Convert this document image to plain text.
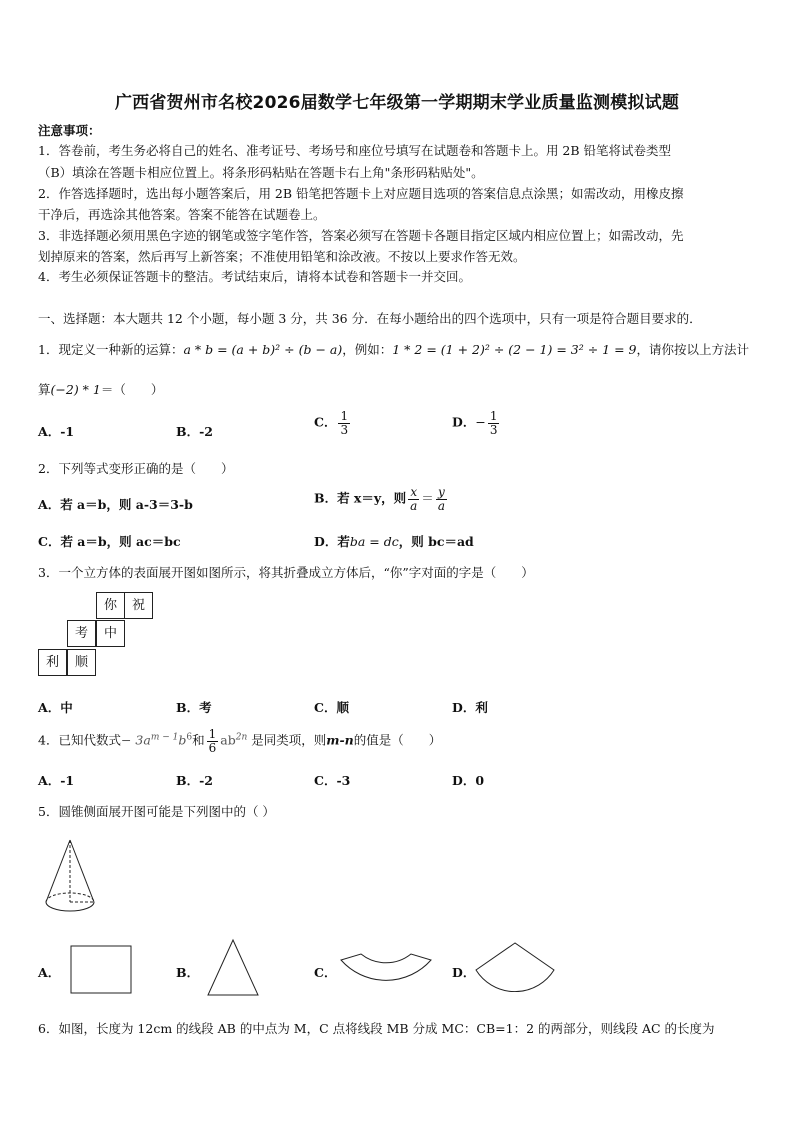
广西省贺州市名校2026届数学七年级第一学期期末学业质量监测模拟试题
注意事项：
1．答卷前，考生务必将自己的姓名、准考证号、考场号和座位号填写在试题卷和答题卡上。用 2B 铅笔将试卷类型
（B）填涂在答题卡相应位置上。将条形码粘贴在答题卡右上角"条形码粘贴处"。
2．作答选择题时，选出每小题答案后，用 2B 铅笔把答题卡上对应题目选项的答案信息点涂黑；如需改动，用橡皮擦
干净后，再选涂其他答案。答案不能答在试题卷上。
3．非选择题必须用黑色字迹的钢笔或签字笔作答，答案必须写在答题卡各题目指定区域内相应位置上；如需改动，先
划掉原来的答案，然后再写上新答案；不准使用铅笔和涂改液。不按以上要求作答无效。
4．考生必须保证答题卡的整洁。考试结束后，请将本试卷和答题卡一并交回。
一、选择题：本大题共 12 个小题，每小题 3 分，共 36 分．在每小题给出的四个选项中，只有一项是符合题目要求的．
1．现定义一种新的运算：a * b = (a + b)² ÷ (b − a)，例如：1 * 2 = (1 + 2)² ÷ (2 − 1) = 3² ÷ 1 = 9，请你按以上方法计
算(−2) * 1＝（　　）
A．-1	B．-2
C． $\frac{1}{3}$	D．− $\frac{1}{3}$
2．下列等式变形正确的是（　　）
A．若 a＝b，则 a-3＝3-b	B．若 x＝y，则 $\frac{x}{a} = \frac{y}{a}$
C．若 a＝b，则 ac＝bc	D．若ba = dc，则 bc＝ad
3．一个立方体的表面展开图如图所示，将其折叠成立方体后，“你”字对面的字是（　　）
你	祝
考	中
利	顺
A．中	B．考	C．顺	D．利
4．已知代数式− $3a^{m - 1}b^6$和 $\frac{1}{6} ab^{2n}$ 是同类项，则m-n的值是（　　）
A．-1	B．-2	C．-3	D．0
5．圆锥侧面展开图可能是下列图中的（ ）
A．	B．	C．	D．
6．如图，长度为 12cm 的线段 AB 的中点为 M，C 点将线段 MB 分成 MC：CB=1：2 的两部分，则线段 AC 的长度为
